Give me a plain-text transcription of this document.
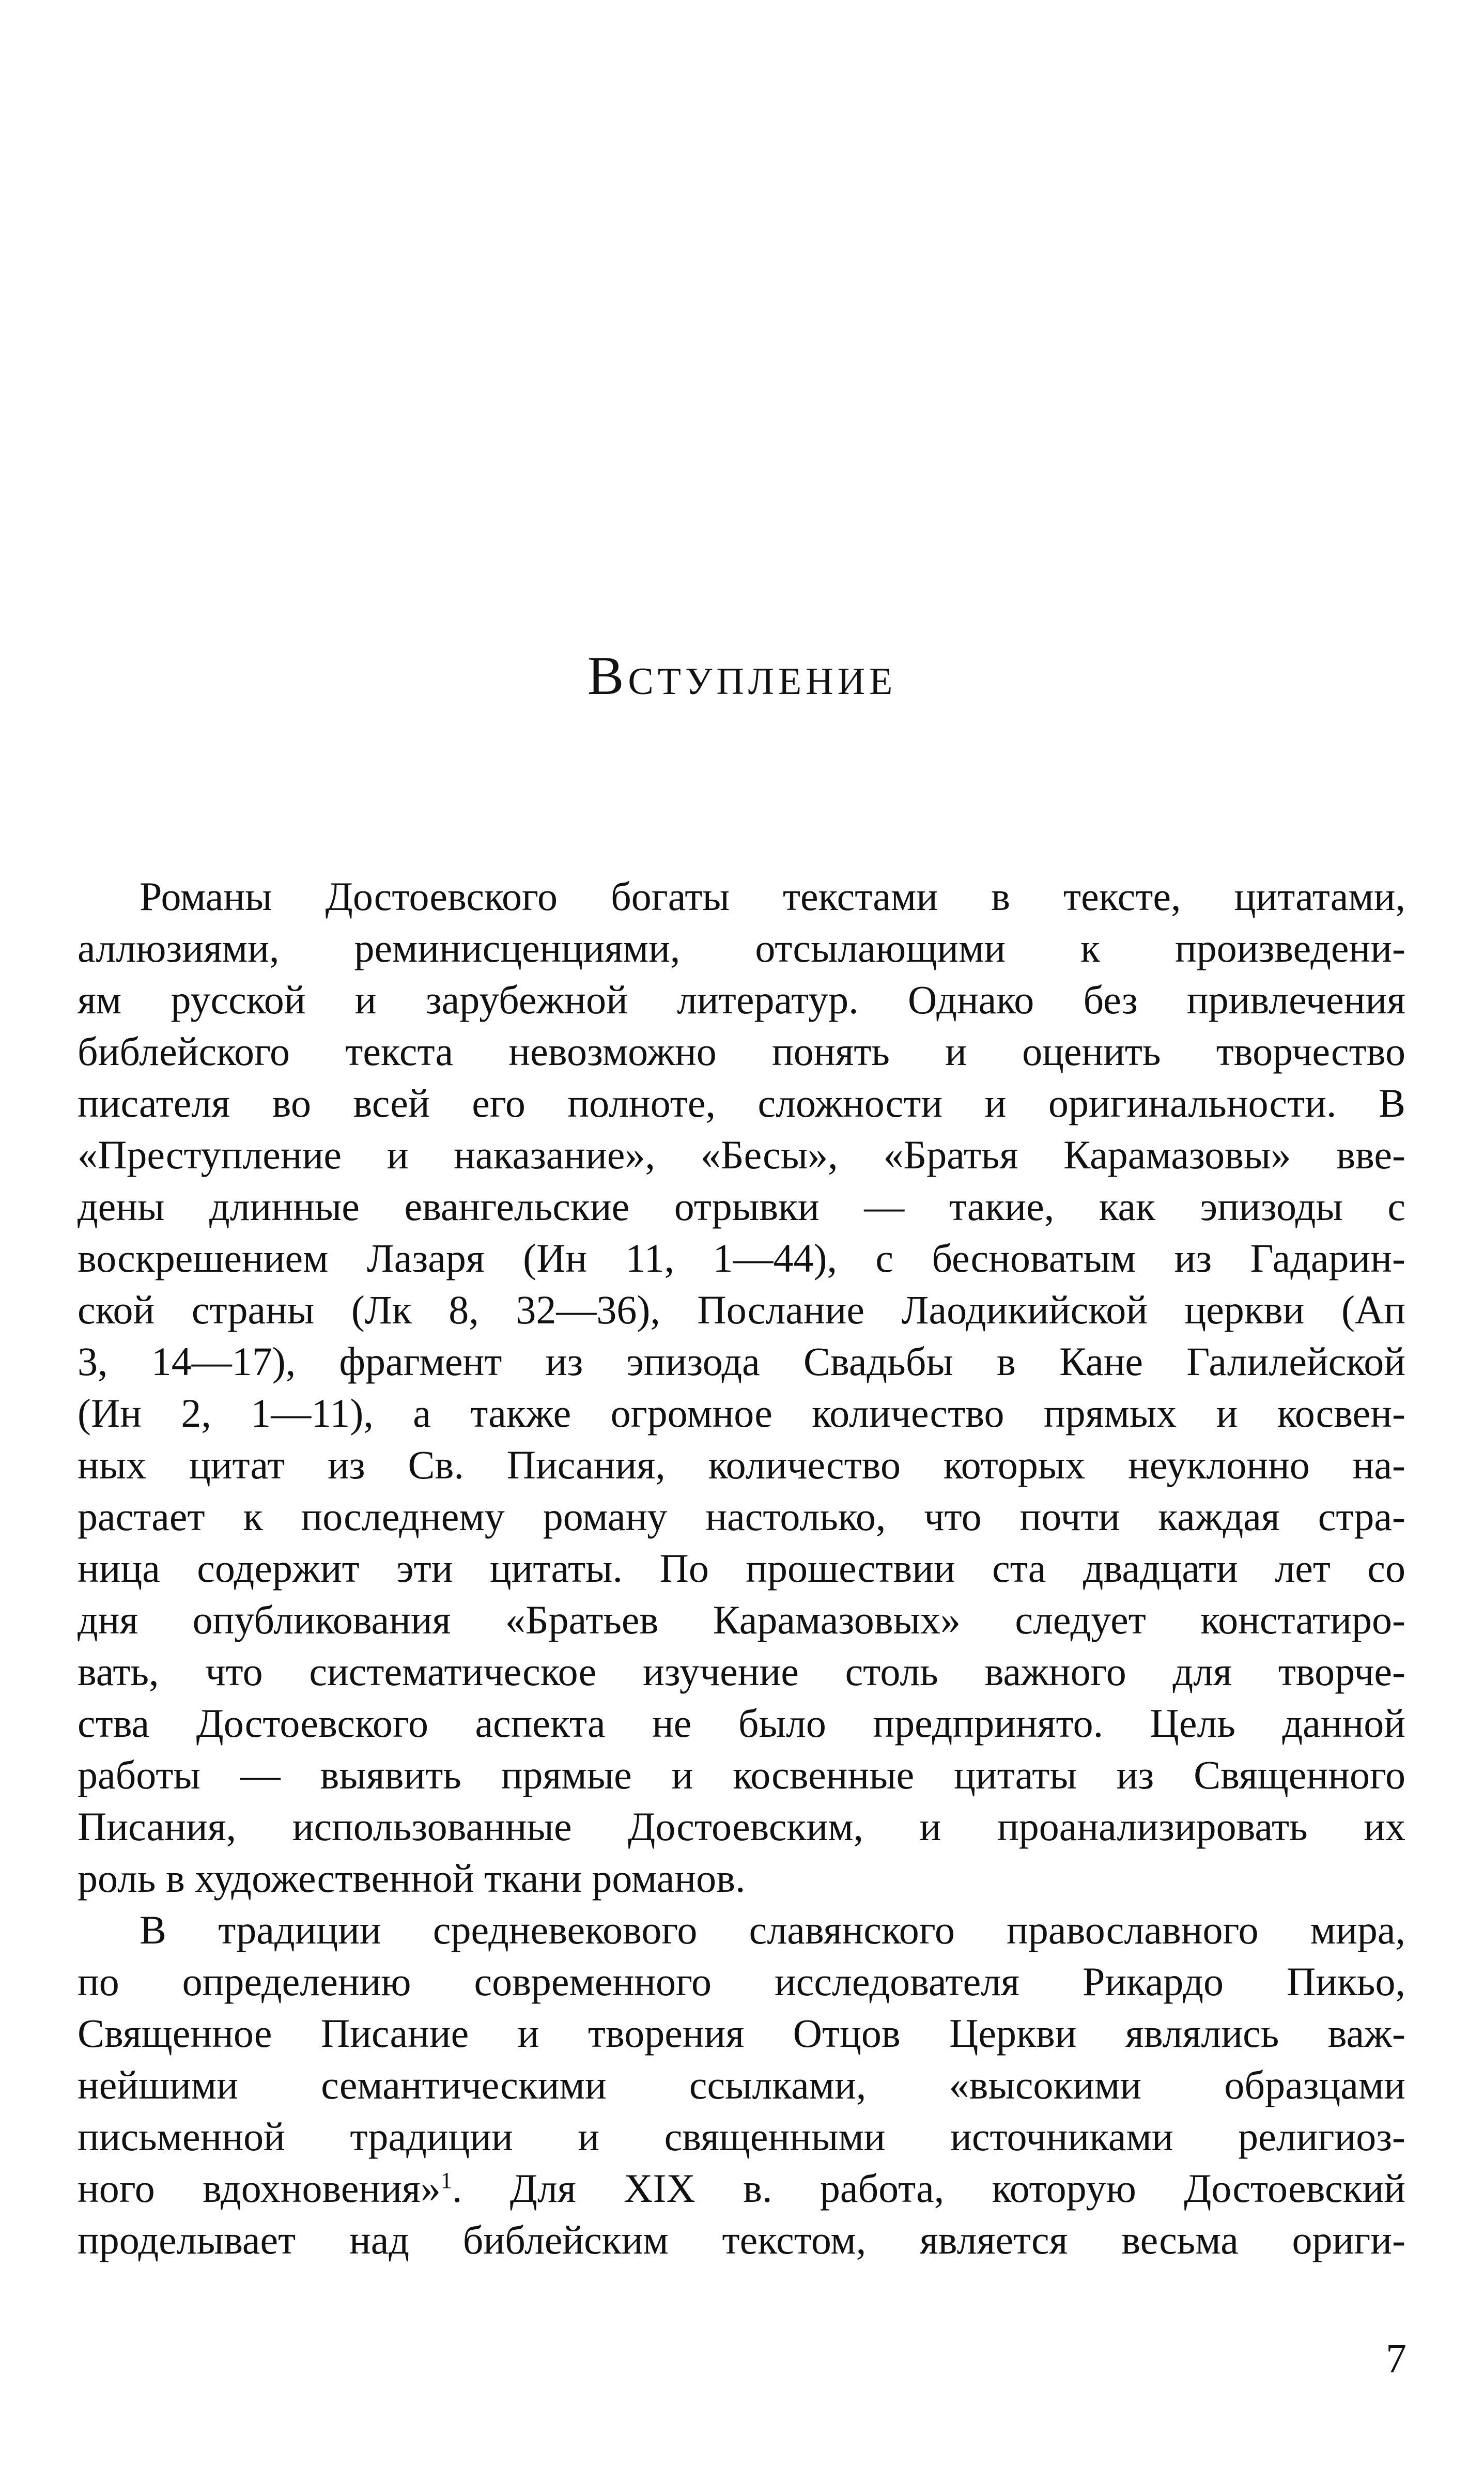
Вступление
Романы Достоевского богаты текстами в тексте, цитатами,
аллюзиями, реминисценциями, отсылающими к произведени-
ям русской и зарубежной литератур. Однако без привлечения
библейского текста невозможно понять и оценить творчество
писателя во всей его полноте, сложности и оригинальности. В
«Преступление и наказание», «Бесы», «Братья Карамазовы» вве-
дены длинные евангельские отрывки — такие, как эпизоды с
воскрешением Лазаря (Ин 11, 1—44), с бесноватым из Гадарин-
ской страны (Лк 8, 32—36), Послание Лаодикийской церкви (Ап
3, 14—17), фрагмент из эпизода Свадьбы в Кане Галилейской
(Ин 2, 1—11), а также огромное количество прямых и косвен-
ных цитат из Св. Писания, количество которых неуклонно на-
растает к последнему роману настолько, что почти каждая стра-
ница содержит эти цитаты. По прошествии ста двадцати лет со
дня опубликования «Братьев Карамазовых» следует констатиро-
вать, что систематическое изучение столь важного для творче-
ства Достоевского аспекта не было предпринято. Цель данной
работы — выявить прямые и косвенные цитаты из Священного
Писания, использованные Достоевским, и проанализировать их
роль в художественной ткани романов.
В традиции средневекового славянского православного мира,
по определению современного исследователя Рикардо Пикьо,
Священное Писание и творения Отцов Церкви являлись важ-
нейшими семантическими ссылками, «высокими образцами
письменной традиции и священными источниками религиоз-
ного вдохновения»$^1$. Для XIX в. работа, которую Достоевский
проделывает над библейским текстом, является весьма ориги-
7
